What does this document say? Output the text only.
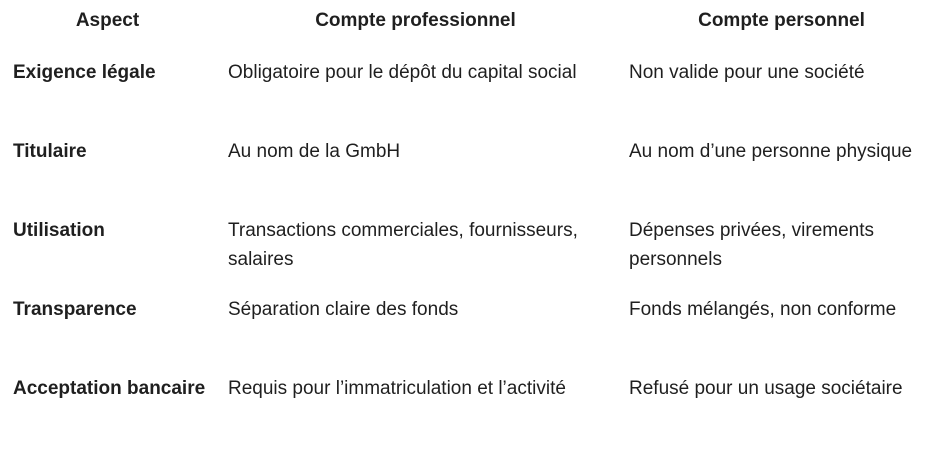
Aspect	Compte professionnel	Compte personnel
Exigence légale	Obligatoire pour le dépôt du capital social	Non valide pour une société
Titulaire	Au nom de la GmbH	Au nom d’une personne physique
Utilisation	Transactions commerciales, fournisseurs, salaires	Dépenses privées, virements personnels
Transparence	Séparation claire des fonds	Fonds mélangés, non conforme
Acceptation bancaire	Requis pour l’immatriculation et l’activité	Refusé pour un usage sociétaire
